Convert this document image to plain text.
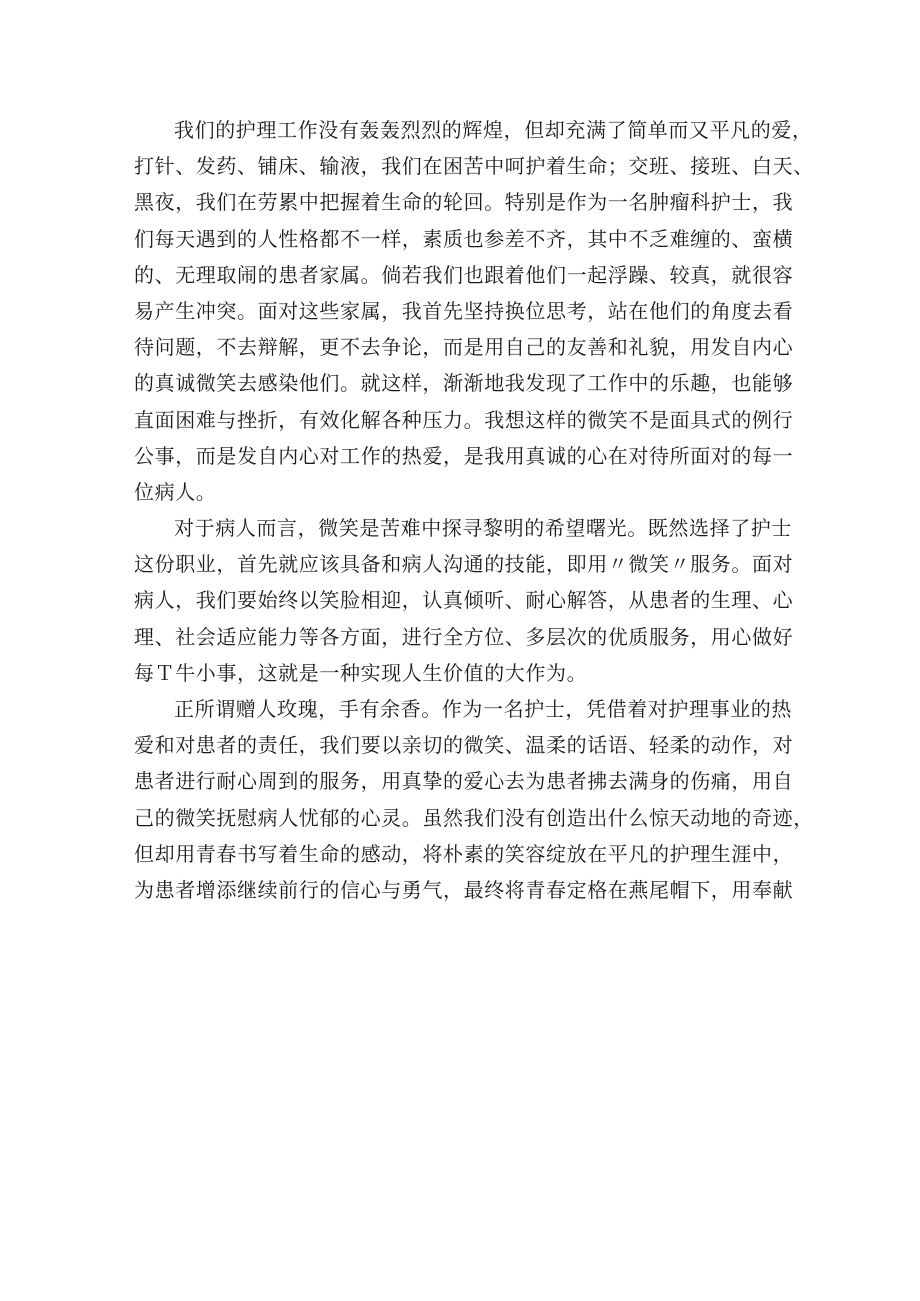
我们的护理工作没有轰轰烈烈的辉煌，但却充满了简单而又平凡的爱，
打针、发药、铺床、输液，我们在困苦中呵护着生命；交班、接班、白天、
黑夜，我们在劳累中把握着生命的轮回。特别是作为一名肿瘤科护士，我
们每天遇到的人性格都不一样，素质也参差不齐，其中不乏难缠的、蛮横
的、无理取闹的患者家属。倘若我们也跟着他们一起浮躁、较真，就很容
易产生冲突。面对这些家属，我首先坚持换位思考，站在他们的角度去看
待问题，不去辩解，更不去争论，而是用自己的友善和礼貌，用发自内心
的真诚微笑去感染他们。就这样，渐渐地我发现了工作中的乐趣，也能够
直面困难与挫折，有效化解各种压力。我想这样的微笑不是面具式的例行
公事，而是发自内心对工作的热爱，是我用真诚的心在对待所面对的每一
位病人。
对于病人而言，微笑是苦难中探寻黎明的希望曙光。既然选择了护士
这份职业，首先就应该具备和病人沟通的技能，即用〃微笑〃服务。面对
病人，我们要始终以笑脸相迎，认真倾听、耐心解答，从患者的生理、心
理、社会适应能力等各方面，进行全方位、多层次的优质服务，用心做好
每Ｔ牛小事，这就是一种实现人生价值的大作为。
正所谓赠人玫瑰，手有余香。作为一名护士，凭借着对护理事业的热
爱和对患者的责任，我们要以亲切的微笑、温柔的话语、轻柔的动作，对
患者进行耐心周到的服务，用真挚的爱心去为患者拂去满身的伤痛，用自
己的微笑抚慰病人忧郁的心灵。虽然我们没有创造出什么惊天动地的奇迹，
但却用青春书写着生命的感动，将朴素的笑容绽放在平凡的护理生涯中，
为患者增添继续前行的信心与勇气，最终将青春定格在燕尾帽下，用奉献
